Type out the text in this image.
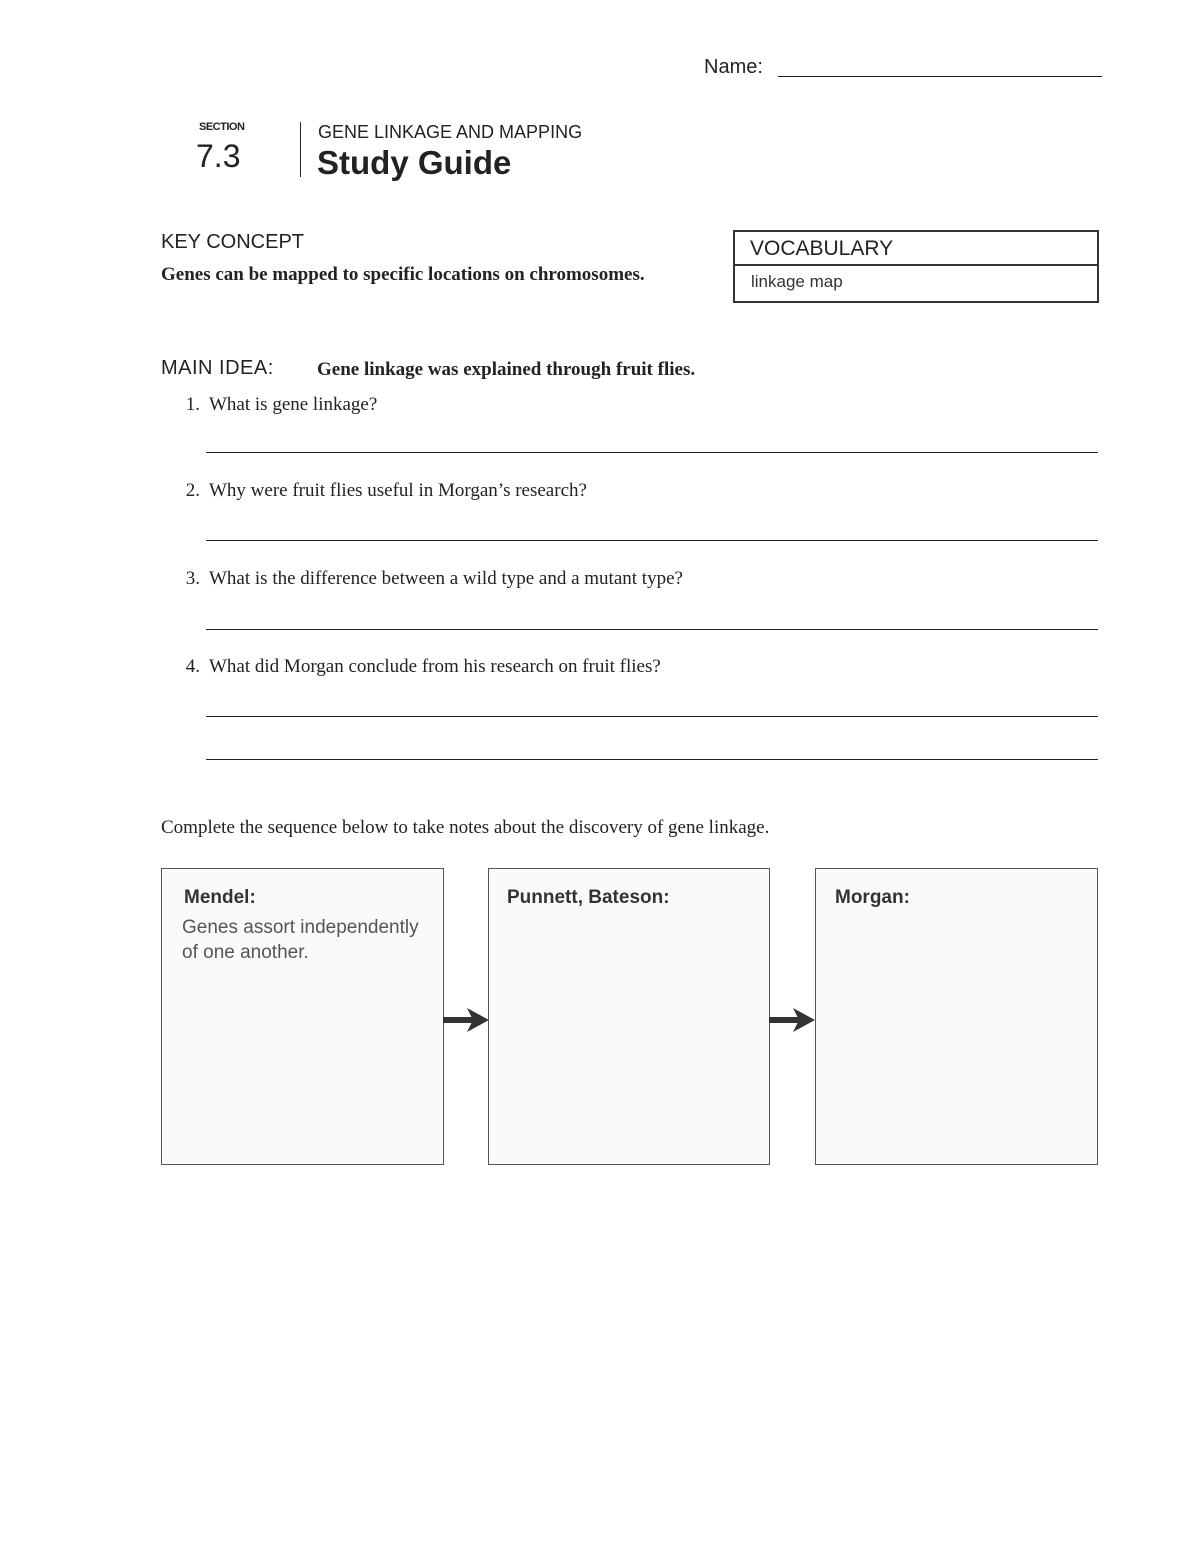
Name:
SECTION
7.3
GENE LINKAGE AND MAPPING
Study Guide
KEY CONCEPT
Genes can be mapped to specific locations on chromosomes.
VOCABULARY
linkage map
MAIN IDEA: Gene linkage was explained through fruit flies.
1. What is gene linkage?
2. Why were fruit flies useful in Morgan’s research?
3. What is the difference between a wild type and a mutant type?
4. What did Morgan conclude from his research on fruit flies?
Complete the sequence below to take notes about the discovery of gene linkage.
Mendel:
Genes assort independently
of one another.
Punnett, Bateson:	Morgan:
